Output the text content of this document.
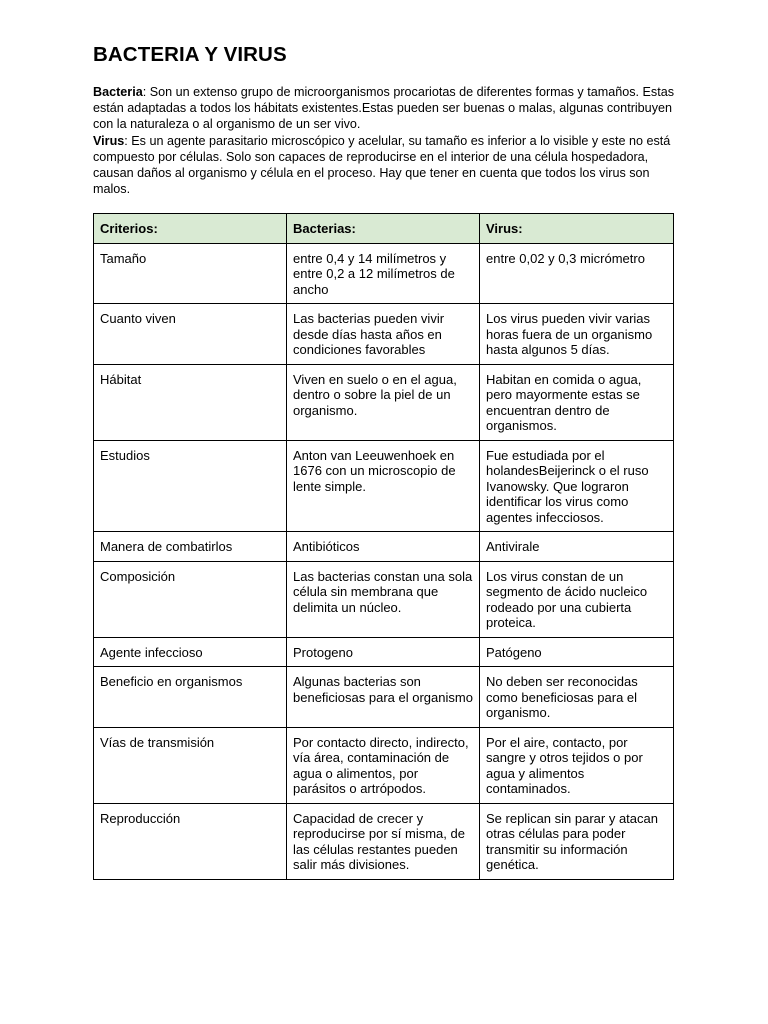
BACTERIA Y VIRUS

Bacteria: Son un extenso grupo de microorganismos procariotas de diferentes formas y tamaños. Estas están adaptadas a todos los hábitats existentes.Estas pueden ser buenas o malas, algunas contribuyen con la naturaleza o al organismo de un ser vivo.

Virus: Es un agente parasitario microscópico y acelular, su tamaño es inferior a lo visible y este no está compuesto por células. Solo son capaces de reproducirse en el interior de una célula hospedadora, causan daños al organismo y célula en el proceso. Hay que tener en cuenta que todos los virus son malos.

Criterios:	Bacterias:	Virus:
Tamaño	entre 0,4 y 14 milímetros y entre 0,2 a 12 milímetros de ancho	entre 0,02 y 0,3 micrómetro
Cuanto viven	Las bacterias pueden vivir desde días hasta años en condiciones favorables	Los virus pueden vivir varias horas fuera de un organismo hasta algunos 5 días.
Hábitat	Viven en suelo o en el agua, dentro o sobre la piel de un organismo.	Habitan en comida o agua, pero mayormente estas se encuentran dentro de organismos.
Estudios	Anton van Leeuwenhoek en 1676 con un microscopio de lente simple.	Fue estudiada por el holandesBeijerinck o el ruso Ivanowsky. Que lograron identificar los virus como agentes infecciosos.
Manera de combatirlos	Antibióticos	Antivirale
Composición	Las bacterias constan una sola célula sin membrana que delimita un núcleo.	Los virus constan de un segmento de ácido nucleico rodeado por una cubierta proteica.
Agente infeccioso	Protogeno	Patógeno
Beneficio en organismos	Algunas bacterias son beneficiosas para el organismo	No deben ser reconocidas como beneficiosas para el organismo.
Vías de transmisión	Por contacto directo, indirecto, vía área, contaminación de agua o alimentos, por parásitos o artrópodos.	Por el aire, contacto, por sangre y otros tejidos o por agua y alimentos contaminados.
Reproducción	Capacidad de crecer y reproducirse por sí misma, de las células restantes pueden salir más divisiones.	Se replican sin parar y atacan otras células para poder transmitir su información genética.
